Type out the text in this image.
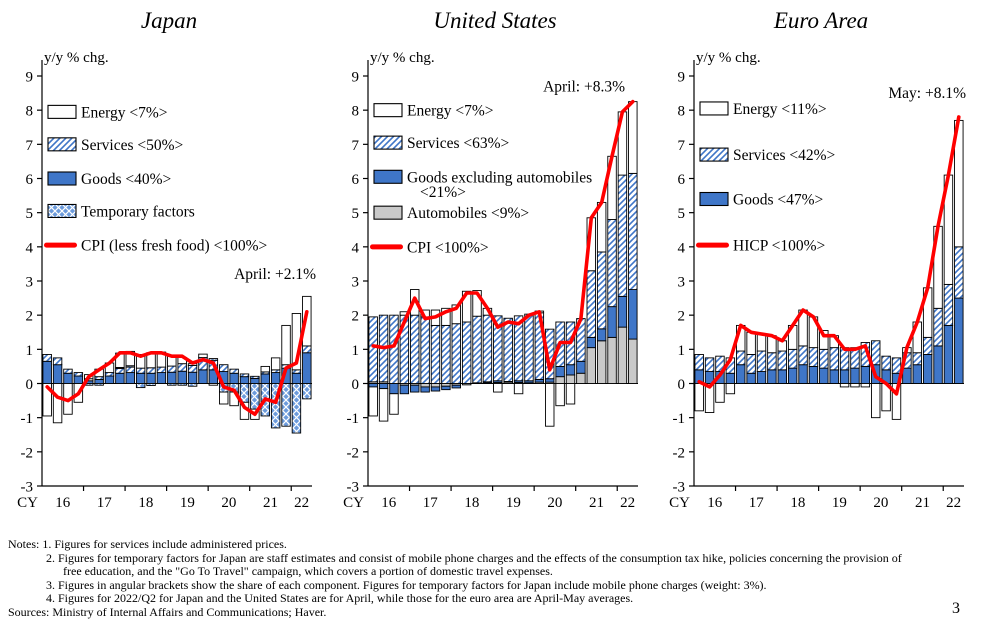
Japan
9
8
7
6
5
4
3
2
1
0
-1
-2
-3
CY 16 17 18 19 20 21 22
y/y % chg.
Energy <7%>
Services <50%>
Goods <40%>
Temporary factors
CPI (less fresh food) <100%>
April: +2.1%
United States
9
8
7
6
5
4
3
2
1
0
-1
-2
-3
CY 16 17 18 19 20 21 22
y/y % chg.
Energy <7%>
Services <63%>
Goods excluding automobiles
<21%>
Automobiles <9%>
CPI <100%>
April: +8.3%
Euro Area
9
8
7
6
5
4
3
2
1
0
-1
-2
-3
CY 16 17 18 19 20 21 22
y/y % chg.
Energy <11%>
Services <42%>
Goods <47%>
HICP <100%>
May: +8.1%
Notes: 1. Figures for services include administered prices.
2. Figures for temporary factors for Japan are staff estimates and consist of mobile phone charges and the effects of the consumption tax hike, policies concerning the provision of
free education, and the "Go To Travel" campaign, which covers a portion of domestic travel expenses.
3. Figures in angular brackets show the share of each component. Figures for temporary factors for Japan include mobile phone charges (weight: 3%).
4. Figures for 2022/Q2 for Japan and the United States are for April, while those for the euro area are April-May averages.
Sources: Ministry of Internal Affairs and Communications; Haver.	3
